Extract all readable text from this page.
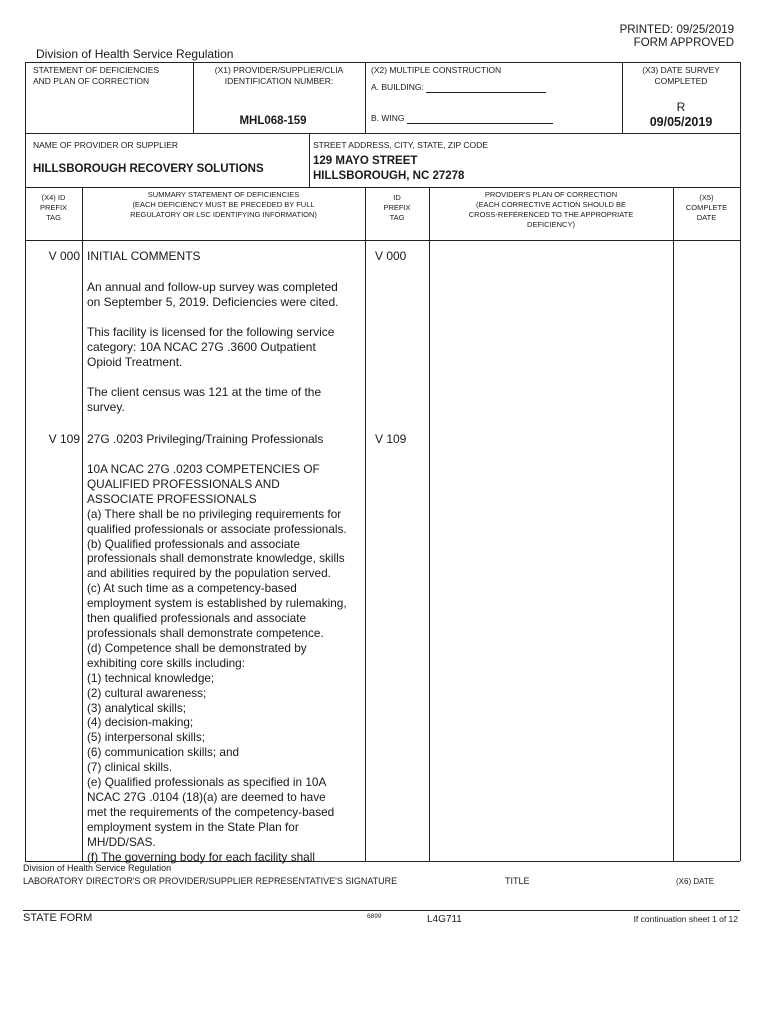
PRINTED: 09/25/2019
FORM APPROVED
Division of Health Service Regulation
STATEMENT OF DEFICIENCIES
AND PLAN OF CORRECTION
(X1) PROVIDER/SUPPLIER/CLIA
IDENTIFICATION NUMBER:
MHL068-159
(X2) MULTIPLE CONSTRUCTION
A. BUILDING:
B. WING
(X3) DATE SURVEY
COMPLETED
R
09/05/2019
NAME OF PROVIDER OR SUPPLIER
HILLSBOROUGH RECOVERY SOLUTIONS
STREET ADDRESS, CITY, STATE, ZIP CODE
129 MAYO STREET
HILLSBOROUGH, NC 27278
(X4) ID
PREFIX
TAG
SUMMARY STATEMENT OF DEFICIENCIES
(EACH DEFICIENCY MUST BE PRECEDED BY FULL
REGULATORY OR LSC IDENTIFYING INFORMATION)
ID
PREFIX
TAG
PROVIDER'S PLAN OF CORRECTION
(EACH CORRECTIVE ACTION SHOULD BE
CROSS-REFERENCED TO THE APPROPRIATE
DEFICIENCY)
(X5)
COMPLETE
DATE
V 000 INITIAL COMMENTS	V 000
An annual and follow-up survey was completed
on September 5, 2019. Deficiencies were cited.
This facility is licensed for the following service
category: 10A NCAC 27G .3600 Outpatient
Opioid Treatment.
The client census was 121 at the time of the
survey.
V 109 27G .0203 Privileging/Training Professionals	V 109
10A NCAC 27G .0203 COMPETENCIES OF
QUALIFIED PROFESSIONALS AND
ASSOCIATE PROFESSIONALS
(a) There shall be no privileging requirements for
qualified professionals or associate professionals.
(b) Qualified professionals and associate
professionals shall demonstrate knowledge, skills
and abilities required by the population served.
(c) At such time as a competency-based
employment system is established by rulemaking,
then qualified professionals and associate
professionals shall demonstrate competence.
(d) Competence shall be demonstrated by
exhibiting core skills including:
(1) technical knowledge;
(2) cultural awareness;
(3) analytical skills;
(4) decision-making;
(5) interpersonal skills;
(6) communication skills; and
(7) clinical skills.
(e) Qualified professionals as specified in 10A
NCAC 27G .0104 (18)(a) are deemed to have
met the requirements of the competency-based
employment system in the State Plan for
MH/DD/SAS.
(f) The governing body for each facility shall
Division of Health Service Regulation
LABORATORY DIRECTOR'S OR PROVIDER/SUPPLIER REPRESENTATIVE'S SIGNATURE	TITLE	(X6) DATE
STATE FORM	6899	L4G711	If continuation sheet 1 of 12
